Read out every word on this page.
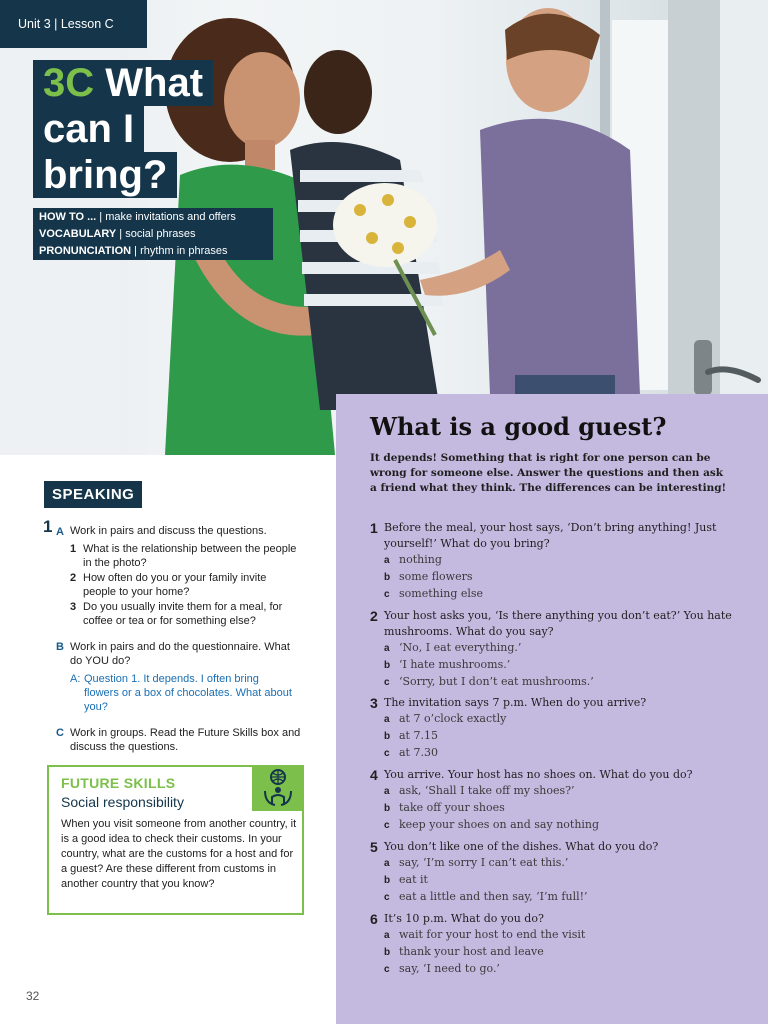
Unit 3 | Lesson C
3C What
can I
bring?
HOW TO ... | make invitations and offers
VOCABULARY | social phrases
PRONUNCIATION | rhythm in phrases
SPEAKING
1 A Work in pairs and discuss the questions.
1 What is the relationship between the people in the photo?
2 How often do you or your family invite people to your home?
3 Do you usually invite them for a meal, for coffee or tea or for something else?
B Work in pairs and do the questionnaire. What do YOU do?
A: Question 1. It depends. I often bring flowers or a box of chocolates. What about you?
C Work in groups. Read the Future Skills box and discuss the questions.
FUTURE SKILLS
Social responsibility
When you visit someone from another country, it is a good idea to check their customs. In your country, what are the customs for a host and for a guest? Are these different from customs in another country that you know?
32
What is a good guest?
It depends! Something that is right for one person can be wrong for someone else. Answer the questions and then ask a friend what they think. The differences can be interesting!
1 Before the meal, your host says, ‘Don’t bring anything! Just yourself!’ What do you bring?
a nothing
b some flowers
c something else
2 Your host asks you, ‘Is there anything you don’t eat?’ You hate mushrooms. What do you say?
a ‘No, I eat everything.’
b ‘I hate mushrooms.’
c ‘Sorry, but I don’t eat mushrooms.’
3 The invitation says 7 p.m. When do you arrive?
a at 7 o’clock exactly
b at 7.15
c at 7.30
4 You arrive. Your host has no shoes on. What do you do?
a ask, ‘Shall I take off my shoes?’
b take off your shoes
c keep your shoes on and say nothing
5 You don’t like one of the dishes. What do you do?
a say, ‘I’m sorry I can’t eat this.’
b eat it
c eat a little and then say, ‘I’m full!’
6 It’s 10 p.m. What do you do?
a wait for your host to end the visit
b thank your host and leave
c say, ‘I need to go.’
